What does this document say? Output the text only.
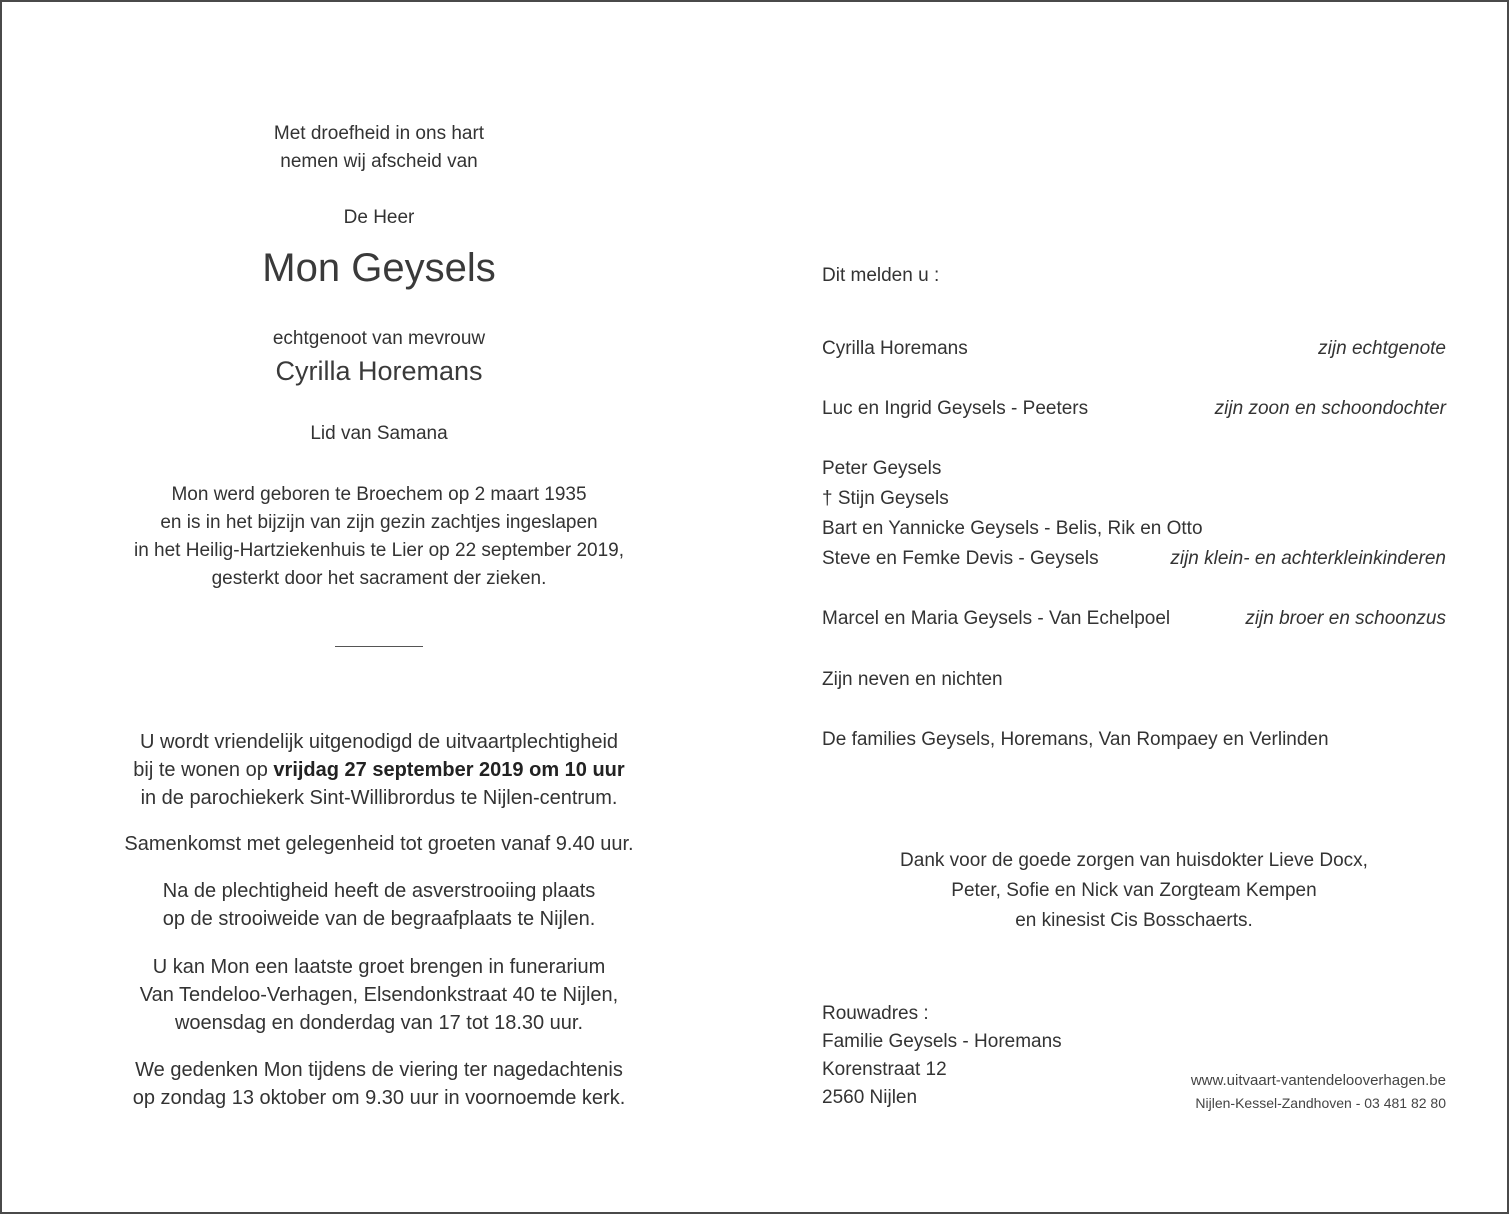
Met droefheid in ons hart
nemen wij afscheid van
De Heer
Mon Geysels
echtgenoot van mevrouw
Cyrilla Horemans
Lid van Samana
Mon werd geboren te Broechem op 2 maart 1935
en is in het bijzijn van zijn gezin zachtjes ingeslapen
in het Heilig-Hartziekenhuis te Lier op 22 september 2019,
gesterkt door het sacrament der zieken.
U wordt vriendelijk uitgenodigd de uitvaartplechtigheid
bij te wonen op vrijdag 27 september 2019 om 10 uur
in de parochiekerk Sint-Willibrordus te Nijlen-centrum.
Samenkomst met gelegenheid tot groeten vanaf 9.40 uur.
Na de plechtigheid heeft de asverstrooiing plaats
op de strooiweide van de begraafplaats te Nijlen.
U kan Mon een laatste groet brengen in funerarium
Van Tendeloo-Verhagen, Elsendonkstraat 40 te Nijlen,
woensdag en donderdag van 17 tot 18.30 uur.
We gedenken Mon tijdens de viering ter nagedachtenis
op zondag 13 oktober om 9.30 uur in voornoemde kerk.
Dit melden u :
Cyrilla Horemans	zijn echtgenote
Luc en Ingrid Geysels - Peeters	zijn zoon en schoondochter
Peter Geysels
† Stijn Geysels
Bart en Yannicke Geysels - Belis, Rik en Otto
Steve en Femke Devis - Geysels	zijn klein- en achterkleinkinderen
Marcel en Maria Geysels - Van Echelpoel	zijn broer en schoonzus
Zijn neven en nichten
De families Geysels, Horemans, Van Rompaey en Verlinden
Dank voor de goede zorgen van huisdokter Lieve Docx,
Peter, Sofie en Nick van Zorgteam Kempen
en kinesist Cis Bosschaerts.
Rouwadres :
Familie Geysels - Horemans
Korenstraat 12
2560 Nijlen
www.uitvaart-vantendelooverhagen.be
Nijlen-Kessel-Zandhoven - 03 481 82 80
